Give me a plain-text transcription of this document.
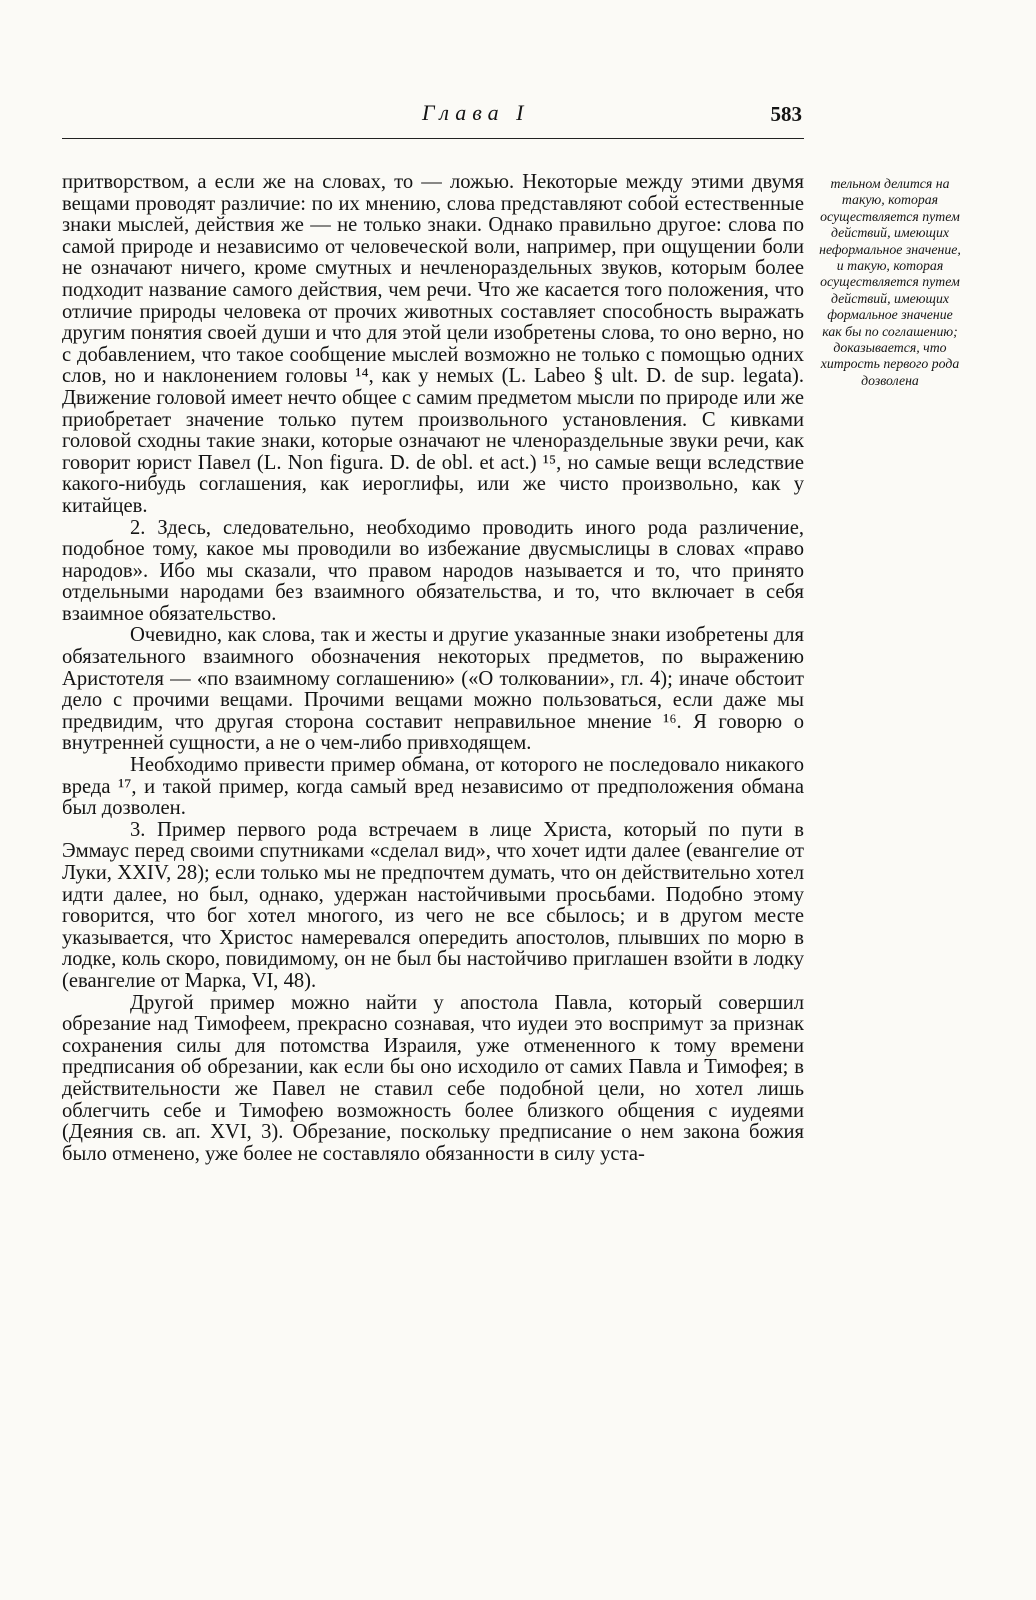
Глава I	583

притворством, а если же на словах, то — ложью. Некоторые между этими двумя вещами проводят различие: по их мнению, слова представляют собой естественные знаки мыслей, действия же — не только знаки. Однако правильно другое: слова по самой природе и независимо от человеческой воли, например, при ощущении боли не означают ничего, кроме смутных и нечленораздельных звуков, которым более подходит название самого действия, чем речи. Что же касается того положения, что отличие природы человека от прочих животных составляет способность выражать другим понятия своей души и что для этой цели изобретены слова, то оно верно, но с добавлением, что такое сообщение мыслей возможно не только с помощью одних слов, но и наклонением головы ¹⁴, как у немых (L. Labeo § ult. D. de sup. legata). Движение головой имеет нечто общее с самим предметом мысли по природе или же приобретает значение только путем произвольного установления. С кивками головой сходны такие знаки, которые означают не членораздельные звуки речи, как говорит юрист Павел (L. Non figura. D. de obl. et act.) ¹⁵, но самые вещи вследствие какого-нибудь соглашения, как иероглифы, или же чисто произвольно, как у китайцев.

2. Здесь, следовательно, необходимо проводить иного рода различение, подобное тому, какое мы проводили во избежание двусмыслицы в словах «право народов». Ибо мы сказали, что правом народов называется и то, что принято отдельными народами без взаимного обязательства, и то, что включает в себя взаимное обязательство.

Очевидно, как слова, так и жесты и другие указанные знаки изобретены для обязательного взаимного обозначения некоторых предметов, по выражению Аристотеля — «по взаимному соглашению» («О толковании», гл. 4); иначе обстоит дело с прочими вещами. Прочими вещами можно пользоваться, если даже мы предвидим, что другая сторона составит неправильное мнение ¹⁶. Я говорю о внутренней сущности, а не о чем-либо привходящем.

Необходимо привести пример обмана, от которого не последовало никакого вреда ¹⁷, и такой пример, когда самый вред независимо от предположения обмана был дозволен.

3. Пример первого рода встречаем в лице Христа, который по пути в Эммаус перед своими спутниками «сделал вид», что хочет идти далее (евангелие от Луки, XXIV, 28); если только мы не предпочтем думать, что он действительно хотел идти далее, но был, однако, удержан настойчивыми просьбами. Подобно этому говорится, что бог хотел многого, из чего не все сбылось; и в другом месте указывается, что Христос намеревался опередить апостолов, плывших по морю в лодке, коль скоро, повидимому, он не был бы настойчиво приглашен взойти в лодку (евангелие от Марка, VI, 48).

Другой пример можно найти у апостола Павла, который совершил обрезание над Тимофеем, прекрасно сознавая, что иудеи это воспримут за признак сохранения силы для потомства Израиля, уже отмененного к тому времени предписания об обрезании, как если бы оно исходило от самих Павла и Тимофея; в действительности же Павел не ставил себе подобной цели, но хотел лишь облегчить себе и Тимофею возможность более близкого общения с иудеями (Деяния св. ап. XVI, 3). Обрезание, поскольку предписание о нем закона божия было отменено, уже более не составляло обязанности в силу уста-

тельном делится на такую, которая осуществляется путем действий, имеющих неформальное значение, и такую, которая осуществляется путем действий, имеющих формальное значение как бы по соглашению; доказывается, что хитрость первого рода дозволена
